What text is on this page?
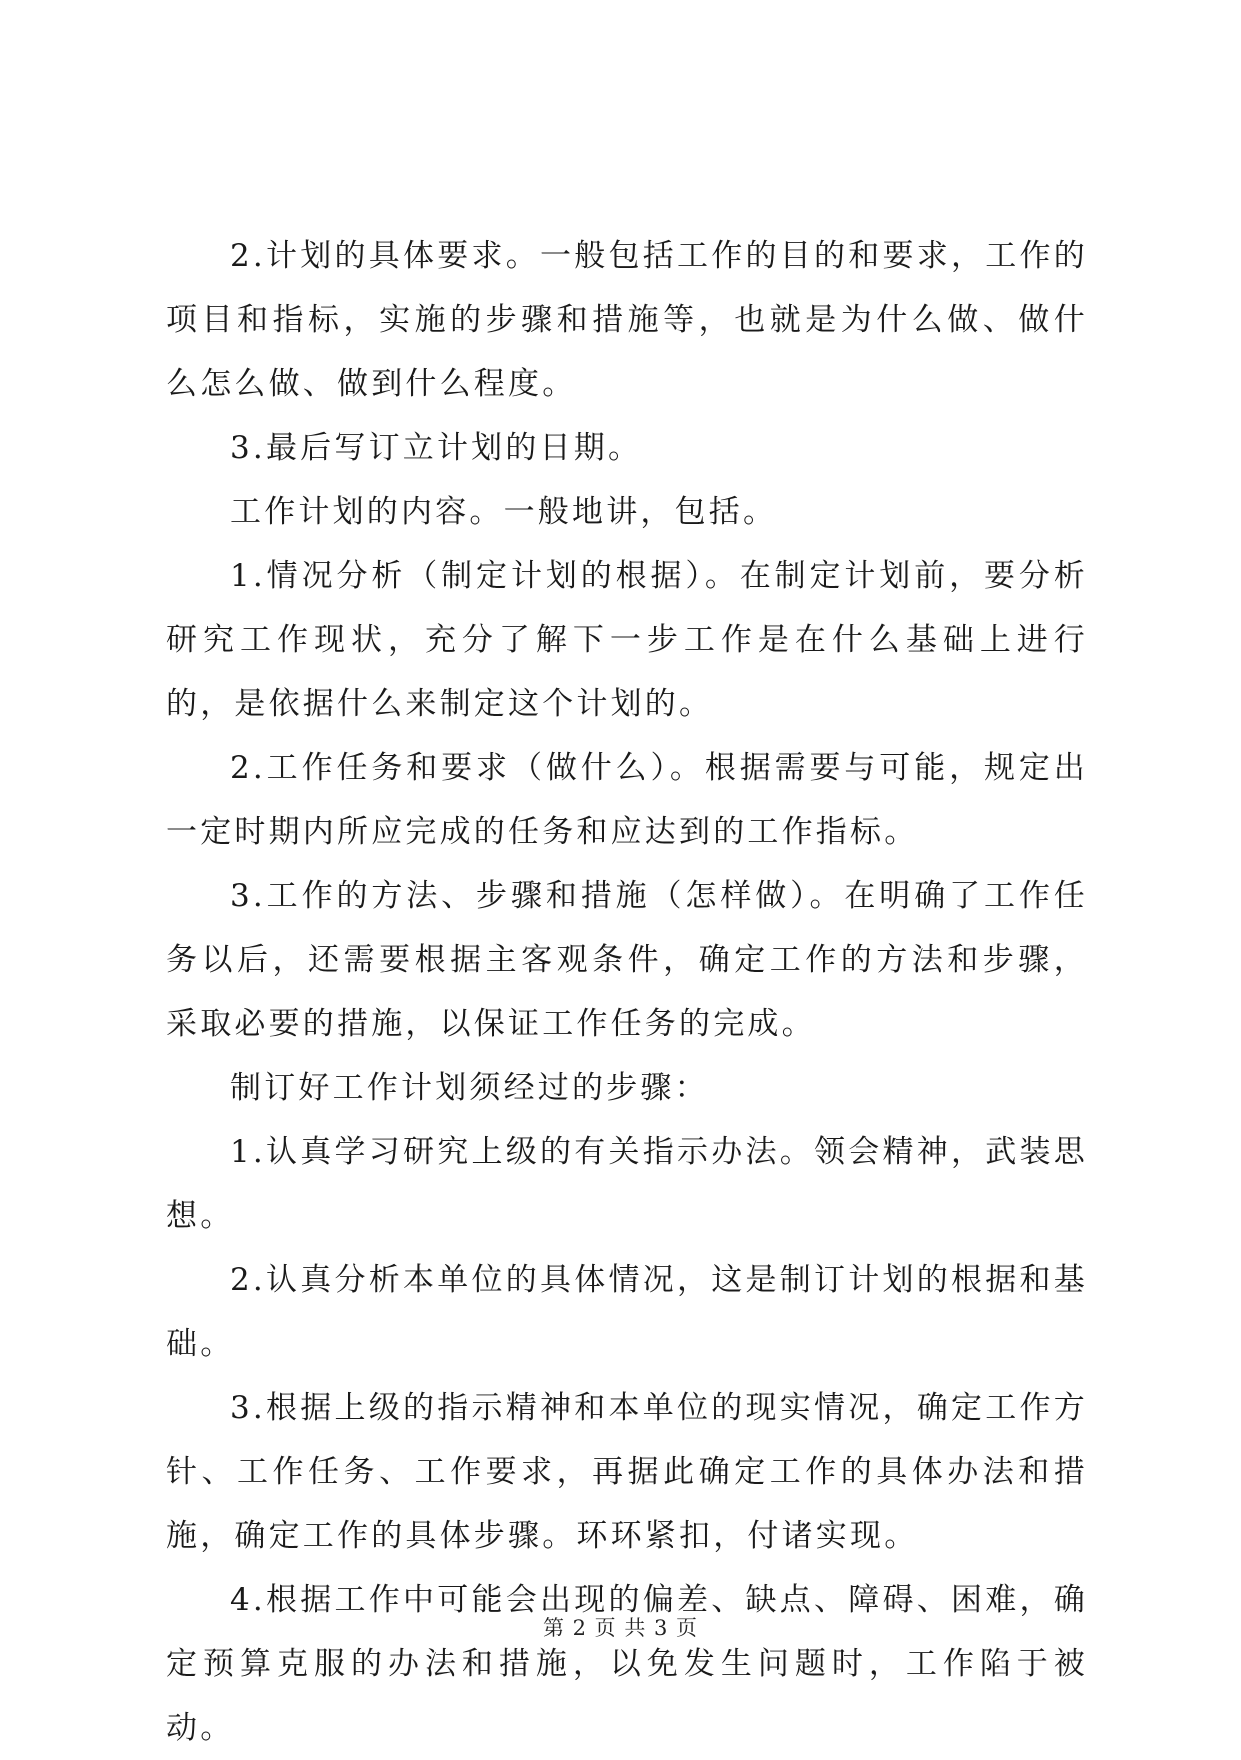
2.计划的具体要求。一般包括工作的目的和要求，工作的项目和指标，实施的步骤和措施等，也就是为什么做、做什么怎么做、做到什么程度。

3.最后写订立计划的日期。

工作计划的内容。一般地讲，包括。

1.情况分析（制定计划的根据）。在制定计划前，要分析研究工作现状，充分了解下一步工作是在什么基础上进行的，是依据什么来制定这个计划的。

2.工作任务和要求（做什么）。根据需要与可能，规定出一定时期内所应完成的任务和应达到的工作指标。

3.工作的方法、步骤和措施（怎样做）。在明确了工作任务以后，还需要根据主客观条件，确定工作的方法和步骤，采取必要的措施，以保证工作任务的完成。

制订好工作计划须经过的步骤：

1.认真学习研究上级的有关指示办法。领会精神，武装思想。

2.认真分析本单位的具体情况，这是制订计划的根据和基础。

3.根据上级的指示精神和本单位的现实情况，确定工作方针、工作任务、工作要求，再据此确定工作的具体办法和措施，确定工作的具体步骤。环环紧扣，付诸实现。

4.根据工作中可能会出现的偏差、缺点、障碍、困难，确定预算克服的办法和措施，以免发生问题时，工作陷于被动。

第 2 页 共 3 页
